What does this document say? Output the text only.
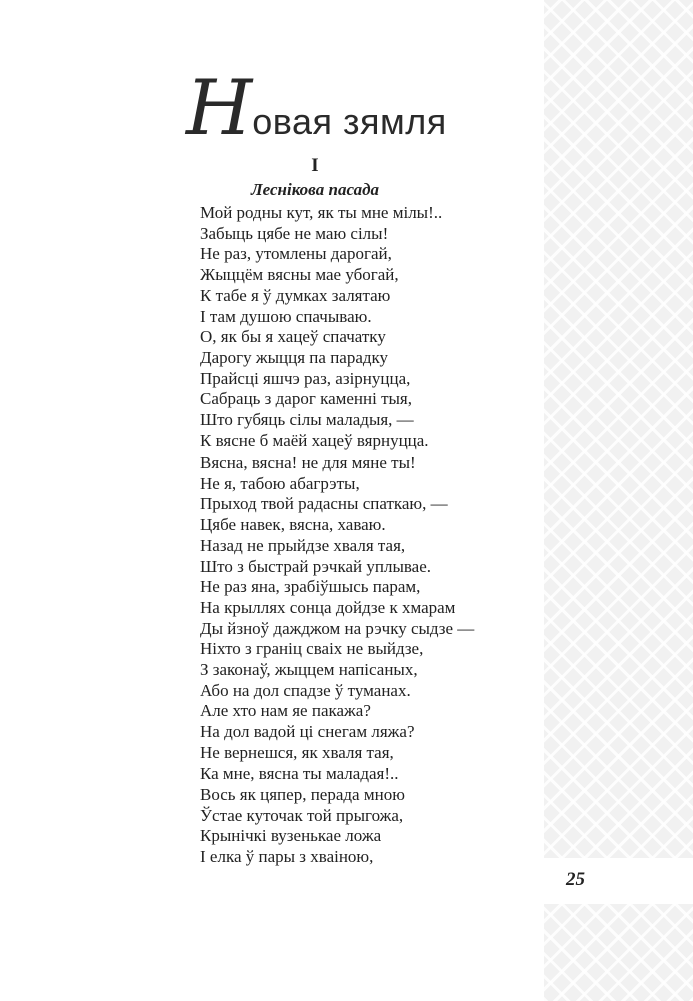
Новая зямля
I
Лесніковa пасада
Мой родны кут, як ты мне мілы!..
Забыць цябе не маю сілы!
Не раз, утомлены дарогай,
Жыццём вясны мае убогай,
К табе я ў думках залятаю
І там душою спачываю.
О, як бы я хацеў спачатку
Дарогу жыцця па парадку
Прайсці яшчэ раз, азірнуцца,
Сабраць з дарог каменні тыя,
Што губяць сілы маладыя, —
К вясне б маёй хацеў вярнуцца.
Вясна, вясна! не для мяне ты!
Не я, табою абагрэты,
Прыход твой радасны спаткаю, —
Цябе навек, вясна, хаваю.
Назад не прыйдзе хваля тая,
Што з быстрай рэчкай уплывае.
Не раз яна, зрабіўшысь парам,
На крыллях сонца дойдзе к хмарам
Ды йзноў дажджом на рэчку сыдзе —
Ніхто з граніц сваіх не выйдзе,
З законаў, жыццем напісаных,
Або на дол спадзе ў туманах.
Але хто нам яе пакажа?
На дол вадой ці снегам ляжа?
Не вернешся, як хваля тая,
Ка мне, вясна ты маладая!..
Вось як цяпер, перада мною
Ўстае куточак той прыгожа,
Крынічкі вузенькае ложа
І елка ў пары з хваіною,
25
